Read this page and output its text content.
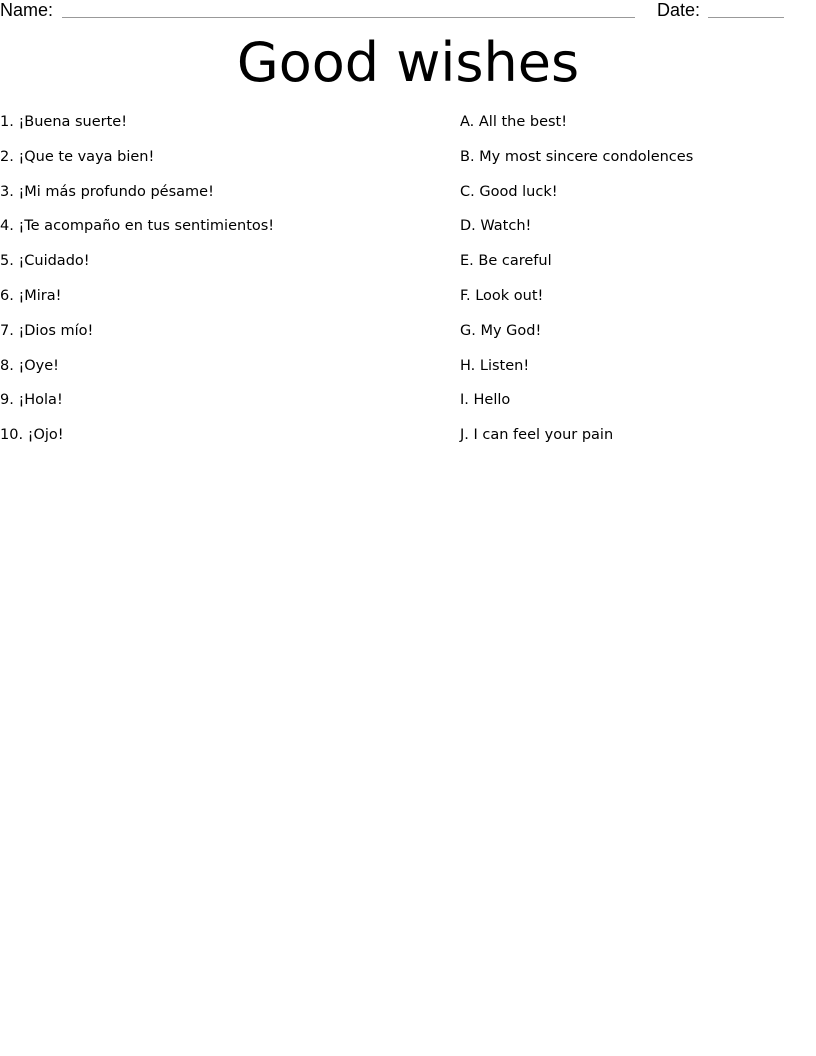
Name:	Date:
Good wishes
1. ¡Buena suerte!
2. ¡Que te vaya bien!
3. ¡Mi más profundo pésame!
4. ¡Te acompaño en tus sentimientos!
5. ¡Cuidado!
6. ¡Mira!
7. ¡Dios mío!
8. ¡Oye!
9. ¡Hola!
10. ¡Ojo!
A. All the best!
B. My most sincere condolences
C. Good luck!
D. Watch!
E. Be careful
F. Look out!
G. My God!
H. Listen!
I. Hello
J. I can feel your pain
